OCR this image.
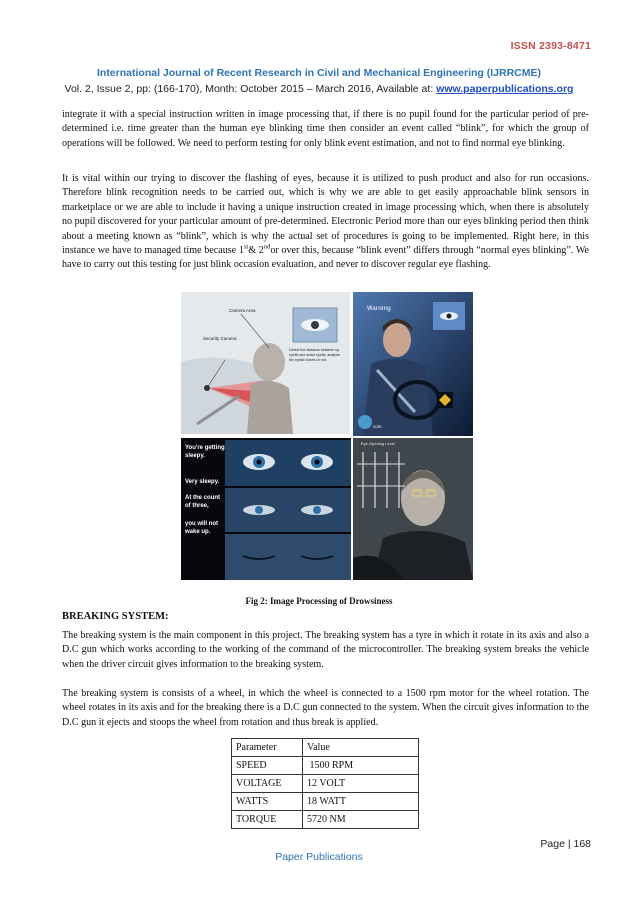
ISSN 2393-8471
International Journal of Recent Research in Civil and Mechanical Engineering (IJRRCME)
Vol. 2, Issue 2, pp: (166-170), Month: October 2015 – March 2016, Available at: www.paperpublications.org

integrate it with a special instruction written in image processing that, if there is no pupil found for the particular period of pre-determined i.e. time greater than the human eye blinking time then consider an event called “blink”, for which the group of operations will be followed. We need to perform testing for only blink event estimation, and not to find normal eye blinking.

It is vital within our trying to discover the flashing of eyes, because it is utilized to push product and also for run occasions. Therefore blink recognition needs to be carried out, which is why we are able to get easily approachable blink sensors in marketplace or we are able to include it having a unique instruction created in image processing which, when there is absolutely no pupil discovered for your particular amount of pre-determined. Electronic Period more than our eyes blinking period then think about a meeting known as “blink”, which is why the actual set of procedures is going to be implemented. Right here, in this instance we have to managed time because 1st& 2ndor over this, because “blink event” differs through “normal eyes blinking”. We have to carry out this testing for just blink occasion evaluation, and never to discover regular eye flashing.

Camera Area
Security Camera
Detect the distance between up
eyelid and down eyelid, analyse
the eyelid closes or not.
Warning
com
You're getting
sleepy.
Very sleepy.
At the count
of three,
you will not
wake up.
Eye Opening Level
Fig 2: Image Processing of Drowsiness
BREAKING SYSTEM:

The breaking system is the main component in this project. The breaking system has a tyre in which it rotate in its axis and also a D.C gun which works according to the working of the command of the microcontroller. The breaking system breaks the vehicle when the driver circuit gives information to the breaking system.

The breaking system is consists of a wheel, in which the wheel is connected to a 1500 rpm motor for the wheel rotation. The wheel rotates in its axis and for the breaking there is a D.C gun connected to the system. When the circuit gives information to the D.C gun it ejects and stoops the wheel from rotation and thus break is applied.

Parameter	Value
SPEED	1500 RPM
VOLTAGE	12 VOLT
WATTS	18 WATT
TORQUE	5720 NM
Page | 168
Paper Publications
